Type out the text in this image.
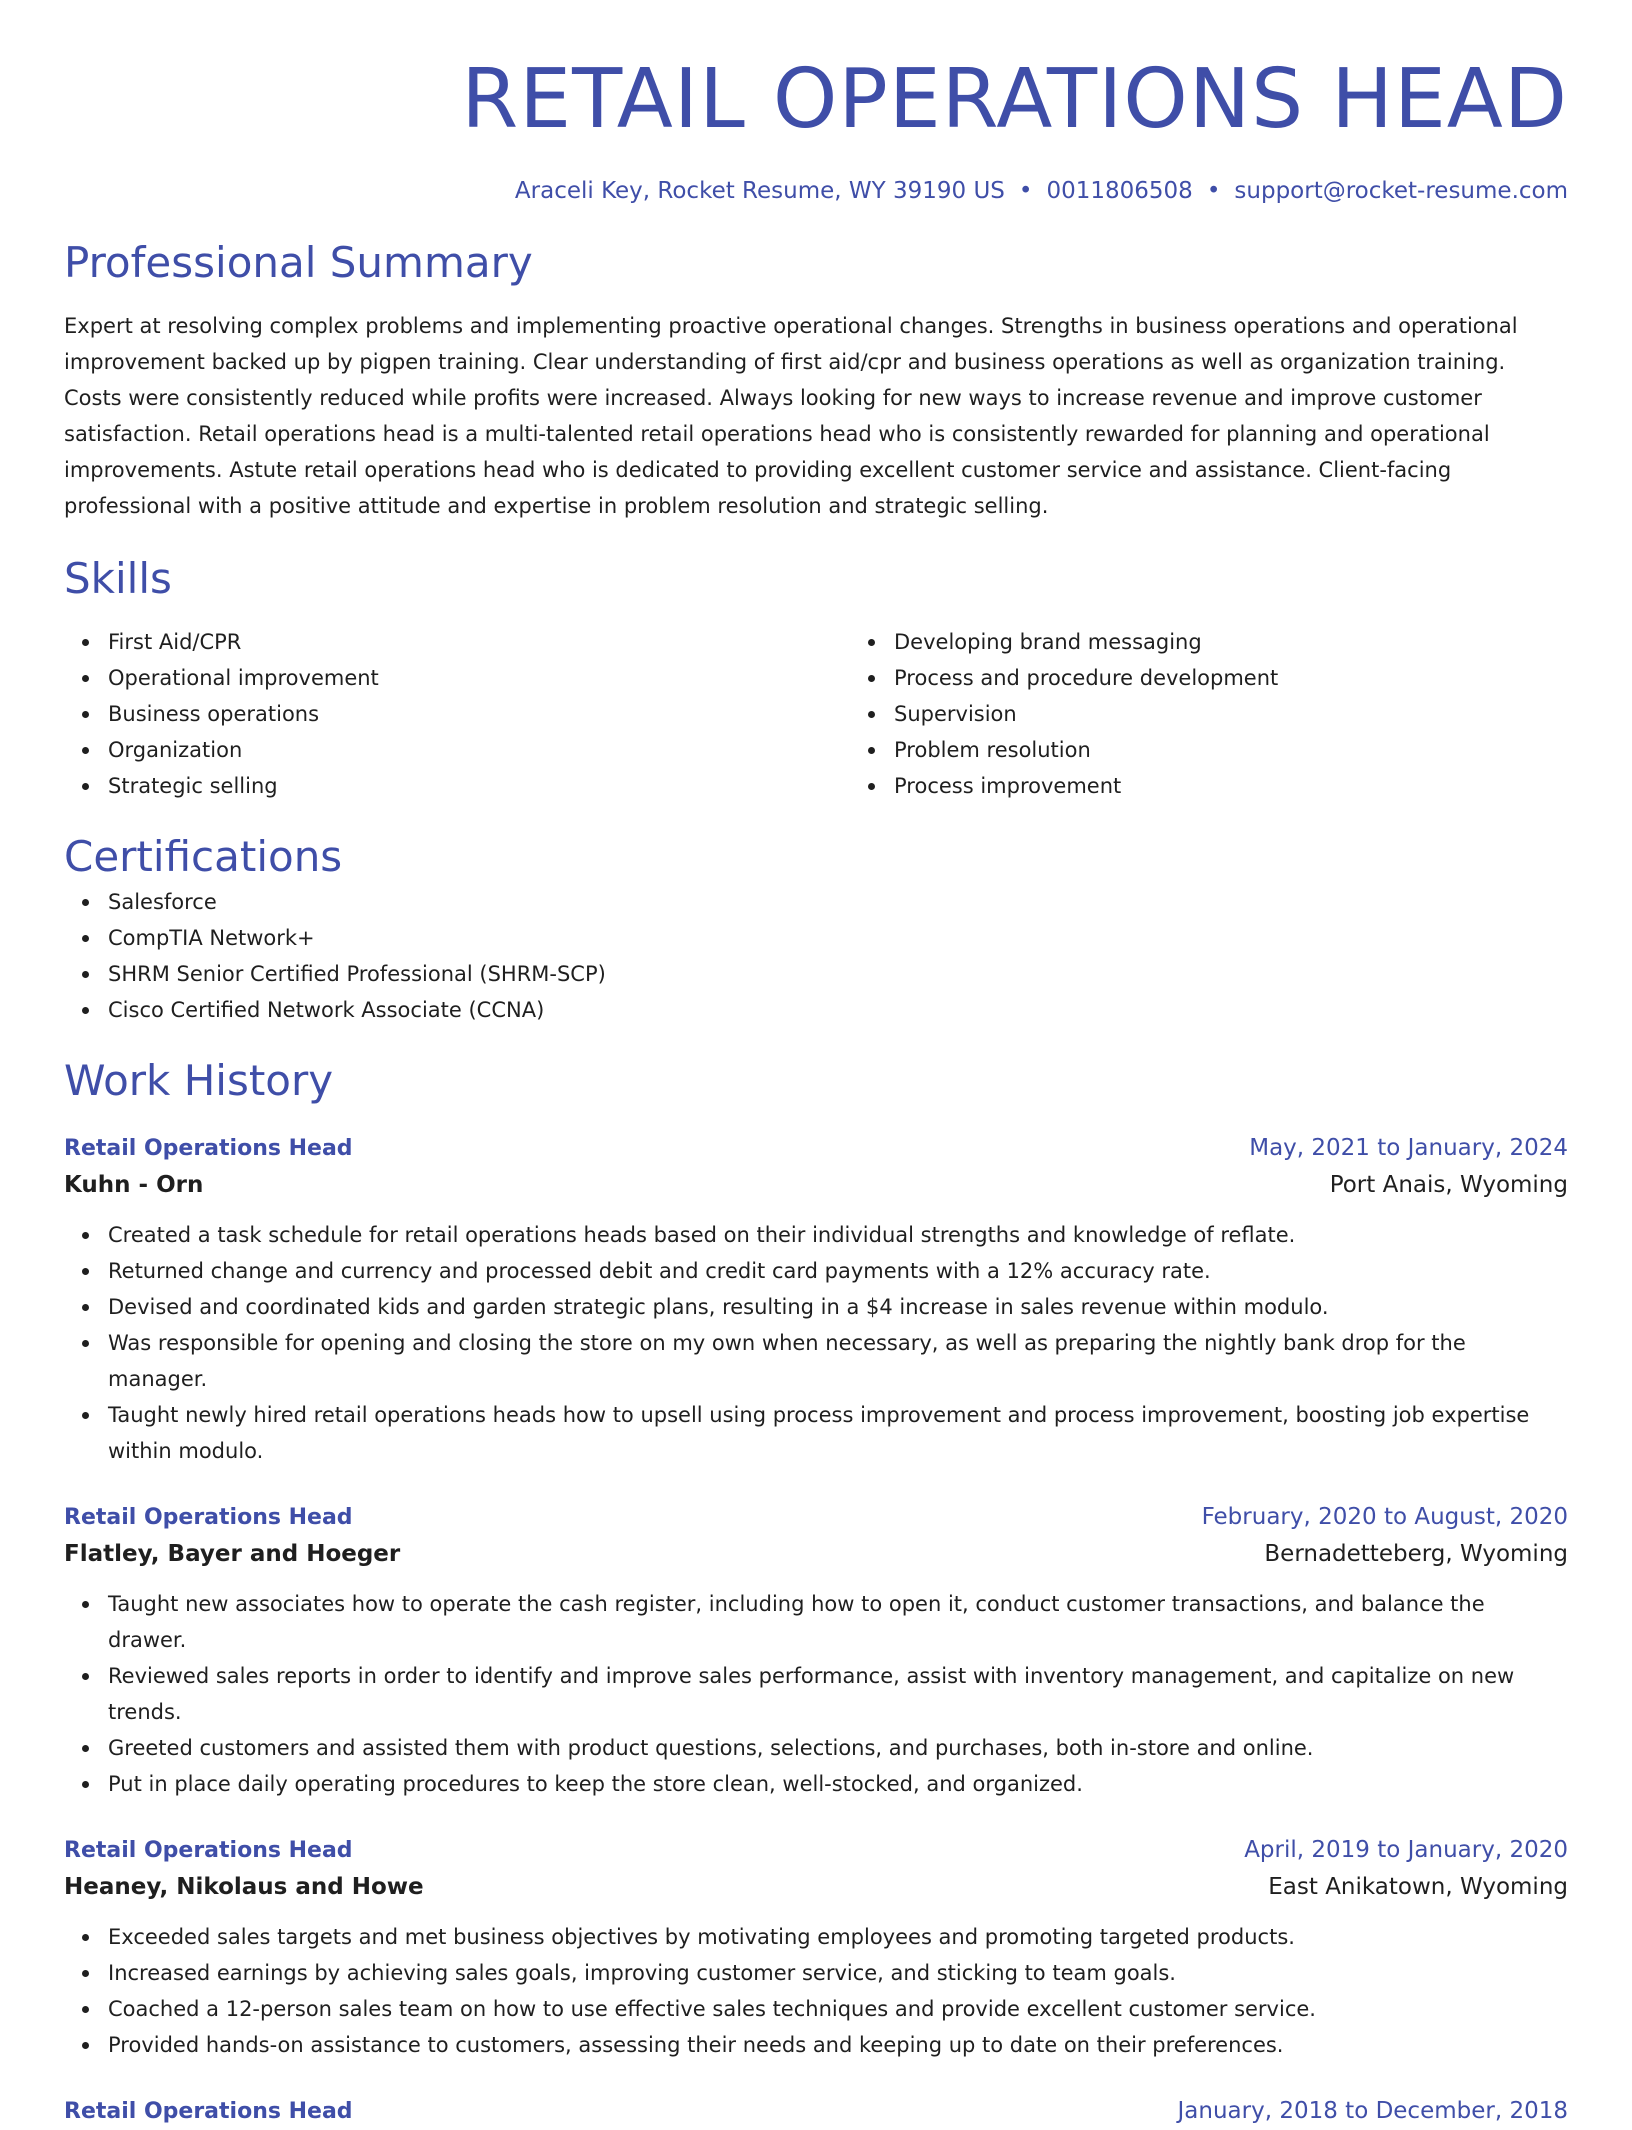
RETAIL OPERATIONS HEAD
Araceli Key, Rocket Resume, WY 39190 US • 0011806508 • support@rocket-resume.com
Professional Summary

Expert at resolving complex problems and implementing proactive operational changes. Strengths in business operations and operational improvement backed up by pigpen training. Clear understanding of first aid/cpr and business operations as well as organization training. Costs were consistently reduced while profits were increased. Always looking for new ways to increase revenue and improve customer satisfaction. Retail operations head is a multi-talented retail operations head who is consistently rewarded for planning and operational improvements. Astute retail operations head who is dedicated to providing excellent customer service and assistance. Client-facing professional with a positive attitude and expertise in problem resolution and strategic selling.

Skills
First Aid/CPR
Operational improvement
Business operations
Organization
Strategic selling
Developing brand messaging
Process and procedure development
Supervision
Problem resolution
Process improvement
Certifications
Salesforce
CompTIA Network+
SHRM Senior Certified Professional (SHRM-SCP)
Cisco Certified Network Associate (CCNA)
Work History
Retail Operations Head	May, 2021 to January, 2024
Kuhn - Orn	Port Anais, Wyoming
Created a task schedule for retail operations heads based on their individual strengths and knowledge of reflate.
Returned change and currency and processed debit and credit card payments with a 12% accuracy rate.
Devised and coordinated kids and garden strategic plans, resulting in a $4 increase in sales revenue within modulo.
Was responsible for opening and closing the store on my own when necessary, as well as preparing the nightly bank drop for the manager.
Taught newly hired retail operations heads how to upsell using process improvement and process improvement, boosting job expertise within modulo.
Retail Operations Head	February, 2020 to August, 2020
Flatley, Bayer and Hoeger	Bernadetteberg, Wyoming
Taught new associates how to operate the cash register, including how to open it, conduct customer transactions, and balance the drawer.
Reviewed sales reports in order to identify and improve sales performance, assist with inventory management, and capitalize on new trends.
Greeted customers and assisted them with product questions, selections, and purchases, both in-store and online.
Put in place daily operating procedures to keep the store clean, well-stocked, and organized.
Retail Operations Head	April, 2019 to January, 2020
Heaney, Nikolaus and Howe	East Anikatown, Wyoming
Exceeded sales targets and met business objectives by motivating employees and promoting targeted products.
Increased earnings by achieving sales goals, improving customer service, and sticking to team goals.
Coached a 12-person sales team on how to use effective sales techniques and provide excellent customer service.
Provided hands-on assistance to customers, assessing their needs and keeping up to date on their preferences.
Retail Operations Head	January, 2018 to December, 2018
